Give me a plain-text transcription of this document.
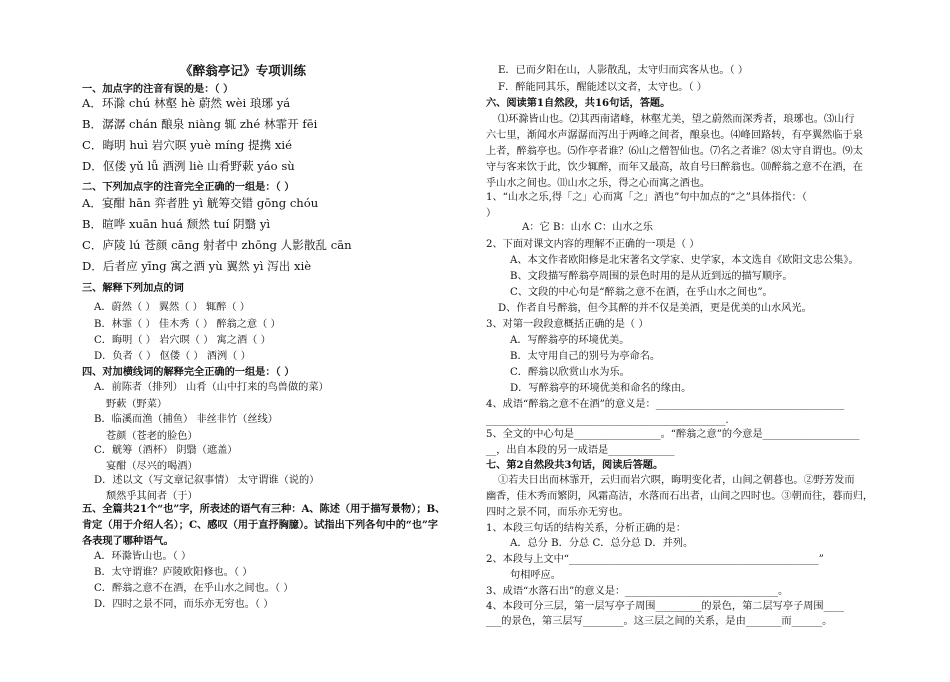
《醉翁亭记》专项训练
一、加点字的注音有误的是：（ ）
A．环滁 chú 林壑 hè 蔚然 wèi 琅琊 yá
B．潺潺 chán 酿泉 niàng 辄 zhé 林霏开 fēi
C．晦明 huì 岩穴暝 yuè míng 提携 xié
D．伛偻 yǔ lǚ 酒洌 liè 山肴野蔌 yáo sù
二、下列加点字的注音完全正确的一组是：（ ）
A．宴酣 hān 弈者胜 yì 觥筹交错 gōng chóu
B．暄哗 xuān huá 颓然 tuí 阴翳 yì
C．庐陵 lú 苍颜 cāng 射者中 zhōng 人影散乱 cān
D．后者应 yīng 寓之酒 yù 翼然 yì 泻出 xiè
三、解释下列加点的词
A．蔚然（ ） 翼然（ ） 辄醉（ ）
B．林霏（ ） 佳木秀（ ） 醉翁之意（ ）
C．晦明（ ） 岩穴暝（ ） 寓之酒（ ）
D．负者（ ） 伛偻（ ） 酒洌（ ）
四、对加横线词的解释完全正确的一组是：（ ）
A．前陈者（排列） 山肴（山中打来的鸟兽做的菜）
野蔌（野菜）
B．临溪而渔（捕鱼） 非丝非竹（丝线）
苍颜（苍老的脸色）
C．觥筹（酒杯） 阴翳（遮盖）
宴酣（尽兴的喝酒）
D．述以文（写文章记叙事情） 太守谓谁（说的）
颓然乎其间者（于）
五、全篇共21个“也”字，所表述的语气有三种：A、陈述（用于描写景物）；B、
肯定（用于介绍人名）；C、感叹（用于直抒胸臆）。试指出下列各句中的“也”字
各表现了哪种语气。
A．环滁皆山也。（ ）
B．太守谓谁？庐陵欧阳修也。（ ）
C．醉翁之意不在酒，在乎山水之间也。（ ）
D．四时之景不同，而乐亦无穷也。（ ）
E．已而夕阳在山，人影散乱，太守归而宾客从也。（ ）
F．醉能同其乐，醒能述以文者，太守也。（ ）
六、阅读第1自然段，共16句话，答题。
⑴环滁皆山也。⑵其西南诸峰，林壑尤美，望之蔚然而深秀者，琅琊也。⑶山行
六七里，渐闻水声潺潺而泻出于两峰之间者，酿泉也。⑷峰回路转，有亭翼然临于泉
上者，醉翁亭也。⑸作亭者谁？⑹山之僧智仙也。⑺名之者谁？⑻太守自谓也。⑼太
守与客来饮于此，饮少辄醉，而年又最高，故自号曰醉翁也。⑽醉翁之意不在酒，在
乎山水之间也。⑾山水之乐，得之心而寓之酒也。
1、“山水之乐,得「之」心而寓「之」酒也”句中加点的“之”具体指代：（
）
A：它 B：山水 C：山水之乐
2、下面对课文内容的理解不正确的一项是（ ）
A、本文作者欧阳修是北宋著名文学家、史学家，本文选自《欧阳文忠公集》。
B、文段描写醉翁亭周围的景色时用的是从近到远的描写顺序。
C、文段的中心句是“醉翁之意不在酒，在乎山水之间也”。
D、作者自号醉翁，但今其醉的并不仅是美酒，更是优美的山水风光。
3、对第一段段意概括正确的是（ ）
A．写醉翁亭的环境优美。
B．太守用自己的别号为亭命名。
C．醉翁以欣赏山水为乐。
D．写醉翁亭的环境优美和命名的缘由。
4、成语“醉翁之意不在酒”的意义是：_____________________________________
_______________________________________________.
5、全文的中心句是_________________。“醉翁之意”的今意是___________________
__，出自本段的另一成语是_____________
七、第2自然段共3句话，阅读后答题。
①若夫日出而林霏开，云归而岩穴暝，晦明变化者，山间之朝暮也。②野芳发而
幽香，佳木秀而繁阴，风霜高洁，水落而石出者，山间之四时也。③朝而往，暮而归，
四时之景不同，而乐亦无穷也。
1、本段三句话的结构关系，分析正确的是：
A．总分 B．分总 C．总分总 D．并列。
2、本段与上文中“_________________________________________________”
句相呼应。
3、成语“水落石出”的意义是：______________________________。
4、本段可分三层，第一层写亭子周围_________的景色，第二层写亭子周围____
___的景色，第三层写________。这三层之间的关系，是由_______而______。
